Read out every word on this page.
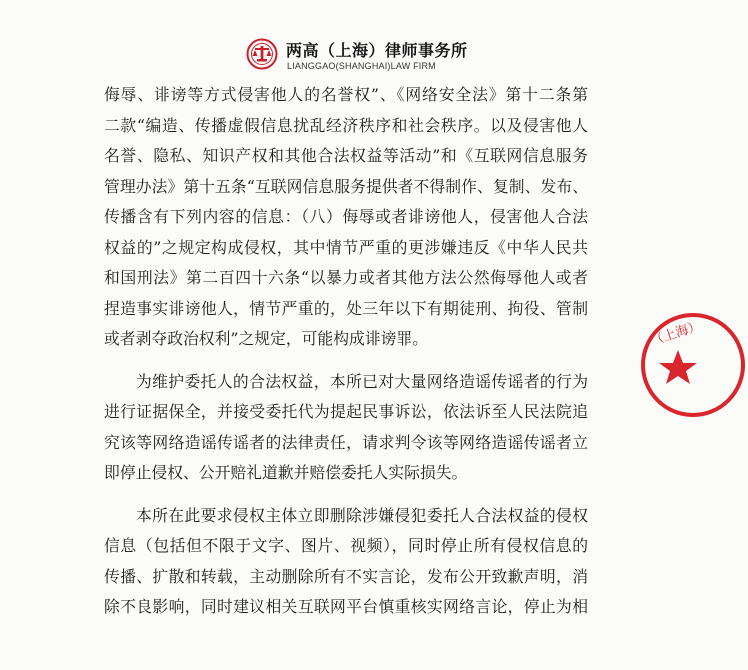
两高（上海）律师事务所
LIANGGAO(SHANGHAI)LAW FIRM
侮辱、诽谤等方式侵害他人的名誉权”、《网络安全法》第十二条第
二款“编造、传播虚假信息扰乱经济秩序和社会秩序。以及侵害他人
名誉、隐私、知识产权和其他合法权益等活动”和《互联网信息服务
管理办法》第十五条“互联网信息服务提供者不得制作、复制、发布、
传播含有下列内容的信息：（八）侮辱或者诽谤他人，侵害他人合法
权益的”之规定构成侵权，其中情节严重的更涉嫌违反《中华人民共
和国刑法》第二百四十六条“以暴力或者其他方法公然侮辱他人或者
捏造事实诽谤他人，情节严重的，处三年以下有期徒刑、拘役、管制
或者剥夺政治权利”之规定，可能构成诽谤罪。
为维护委托人的合法权益，本所已对大量网络造谣传谣者的行为
进行证据保全，并接受委托代为提起民事诉讼，依法诉至人民法院追
究该等网络造谣传谣者的法律责任，请求判令该等网络造谣传谣者立
即停止侵权、公开赔礼道歉并赔偿委托人实际损失。
本所在此要求侵权主体立即删除涉嫌侵犯委托人合法权益的侵权
信息（包括但不限于文字、图片、视频），同时停止所有侵权信息的
传播、扩散和转载，主动删除所有不实言论，发布公开致歉声明，消
除不良影响，同时建议相关互联网平台慎重核实网络言论，停止为相
（上海）
